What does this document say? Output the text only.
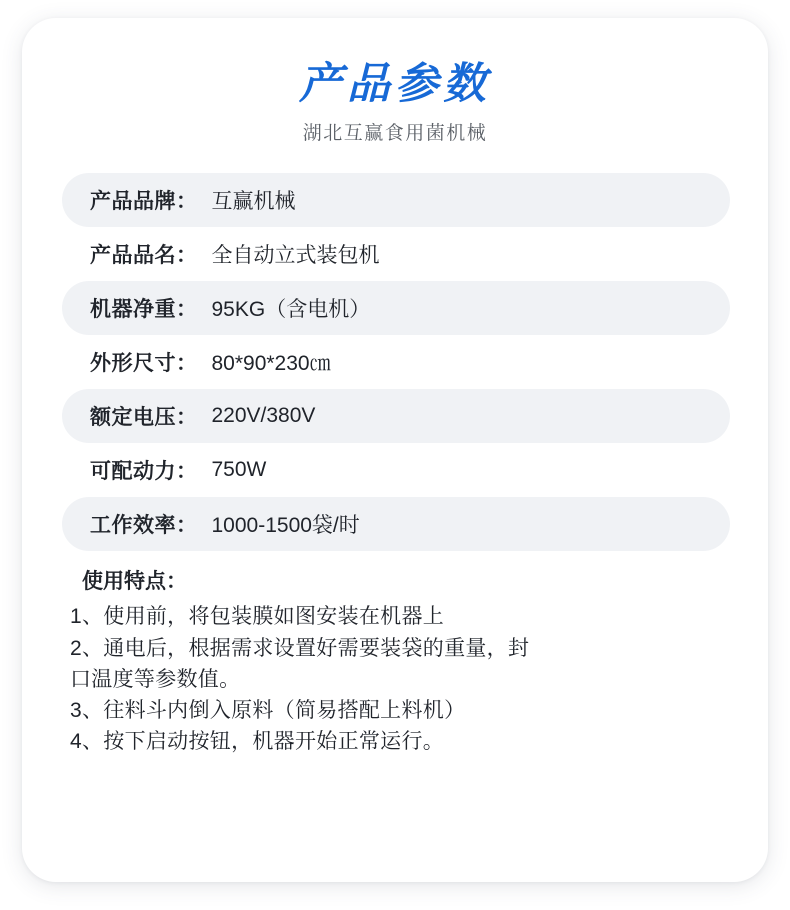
产品参数
湖北互赢食用菌机械
产品品牌： 互赢机械
产品品名： 全自动立式装包机
机器净重： 95KG（含电机）
外形尺寸： 80*90*230㎝
额定电压： 220V/380V
可配动力： 750W
工作效率： 1000-1500袋/时
使用特点：
1、使用前，将包装膜如图安装在机器上
2、通电后，根据需求设置好需要装袋的重量，封
口温度等参数值。
3、往料斗内倒入原料（简易搭配上料机）
4、按下启动按钮，机器开始正常运行。
